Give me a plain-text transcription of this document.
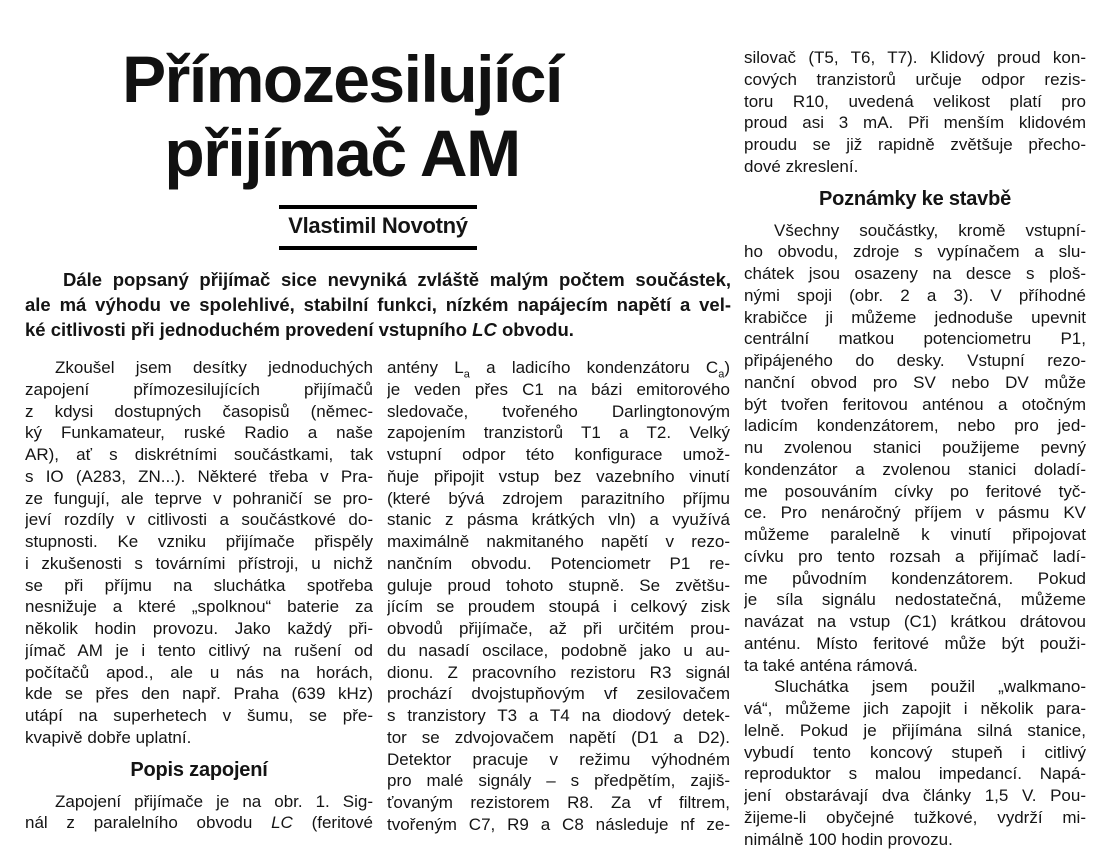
Přímozesilující
přijímač AM
Vlastimil Novotný
Dále popsaný přijímač sice nevyniká zvláště malým počtem součástek,
ale má výhodu ve spolehlivé, stabilní funkci, nízkém napájecím napětí a vel-
ké citlivosti při jednoduchém provedení vstupního LC obvodu.
Zkoušel jsem desítky jednoduchých
zapojení přímozesilujících přijímačů
z kdysi dostupných časopisů (němec-
ký Funkamateur, ruské Radio a naše
AR), ať s diskrétními součástkami, tak
s IO (A283, ZN...). Některé třeba v Pra-
ze fungují, ale teprve v pohraničí se pro-
jeví rozdíly v citlivosti a součástkové do-
stupnosti. Ke vzniku přijímače přispěly
i zkušenosti s továrními přístroji, u nichž
se při příjmu na sluchátka spotřeba
nesnižuje a které „spolknou“ baterie za
několik hodin provozu. Jako každý při-
jímač AM je i tento citlivý na rušení od
počítačů apod., ale u nás na horách,
kde se přes den např. Praha (639 kHz)
utápí na superhetech v šumu, se pře-
kvapivě dobře uplatní.
Popis zapojení
Zapojení přijímače je na obr. 1. Sig-
nál z paralelního obvodu LC (feritové
antény $L_a$ a ladicího kondenzátoru $C_a$)
je veden přes C1 na bázi emitorového
sledovače, tvořeného Darlingtonovým
zapojením tranzistorů T1 a T2. Velký
vstupní odpor této konfigurace umož-
ňuje připojit vstup bez vazebního vinutí
(které bývá zdrojem parazitního příjmu
stanic z pásma krátkých vln) a využívá
maximálně nakmitaného napětí v rezo-
nančním obvodu. Potenciometr P1 re-
guluje proud tohoto stupně. Se zvětšu-
jícím se proudem stoupá i celkový zisk
obvodů přijímače, až při určitém prou-
du nasadí oscilace, podobně jako u au-
dionu. Z pracovního rezistoru R3 signál
prochází dvojstupňovým vf zesilovačem
s tranzistory T3 a T4 na diodový detek-
tor se zdvojovačem napětí (D1 a D2).
Detektor pracuje v režimu výhodném
pro malé signály – s předpětím, zajiš-
ťovaným rezistorem R8. Za vf filtrem,
tvořeným C7, R9 a C8 následuje nf ze-
silovač (T5, T6, T7). Klidový proud kon-
cových tranzistorů určuje odpor rezis-
toru R10, uvedená velikost platí pro
proud asi 3 mA. Při menším klidovém
proudu se již rapidně zvětšuje přecho-
dové zkreslení.
Poznámky ke stavbě
Všechny součástky, kromě vstupní-
ho obvodu, zdroje s vypínačem a slu-
chátek jsou osazeny na desce s ploš-
nými spoji (obr. 2 a 3). V příhodné
krabičce ji můžeme jednoduše upevnit
centrální matkou potenciometru P1,
připájeného do desky. Vstupní rezo-
nanční obvod pro SV nebo DV může
být tvořen feritovou anténou a otočným
ladicím kondenzátorem, nebo pro jed-
nu zvolenou stanici použijeme pevný
kondenzátor a zvolenou stanici doladí-
me posouváním cívky po feritové tyč-
ce. Pro nenáročný příjem v pásmu KV
můžeme paralelně k vinutí připojovat
cívku pro tento rozsah a přijímač ladí-
me původním kondenzátorem. Pokud
je síla signálu nedostatečná, můžeme
navázat na vstup (C1) krátkou drátovou
anténu. Místo feritové může být použi-
ta také anténa rámová.
Sluchátka jsem použil „walkmano-
vá“, můžeme jich zapojit i několik para-
lelně. Pokud je přijímána silná stanice,
vybudí tento koncový stupeň i citlivý
reproduktor s malou impedancí. Napá-
jení obstarávají dva články 1,5 V. Pou-
žijeme-li obyčejné tužkové, vydrží mi-
nimálně 100 hodin provozu.
